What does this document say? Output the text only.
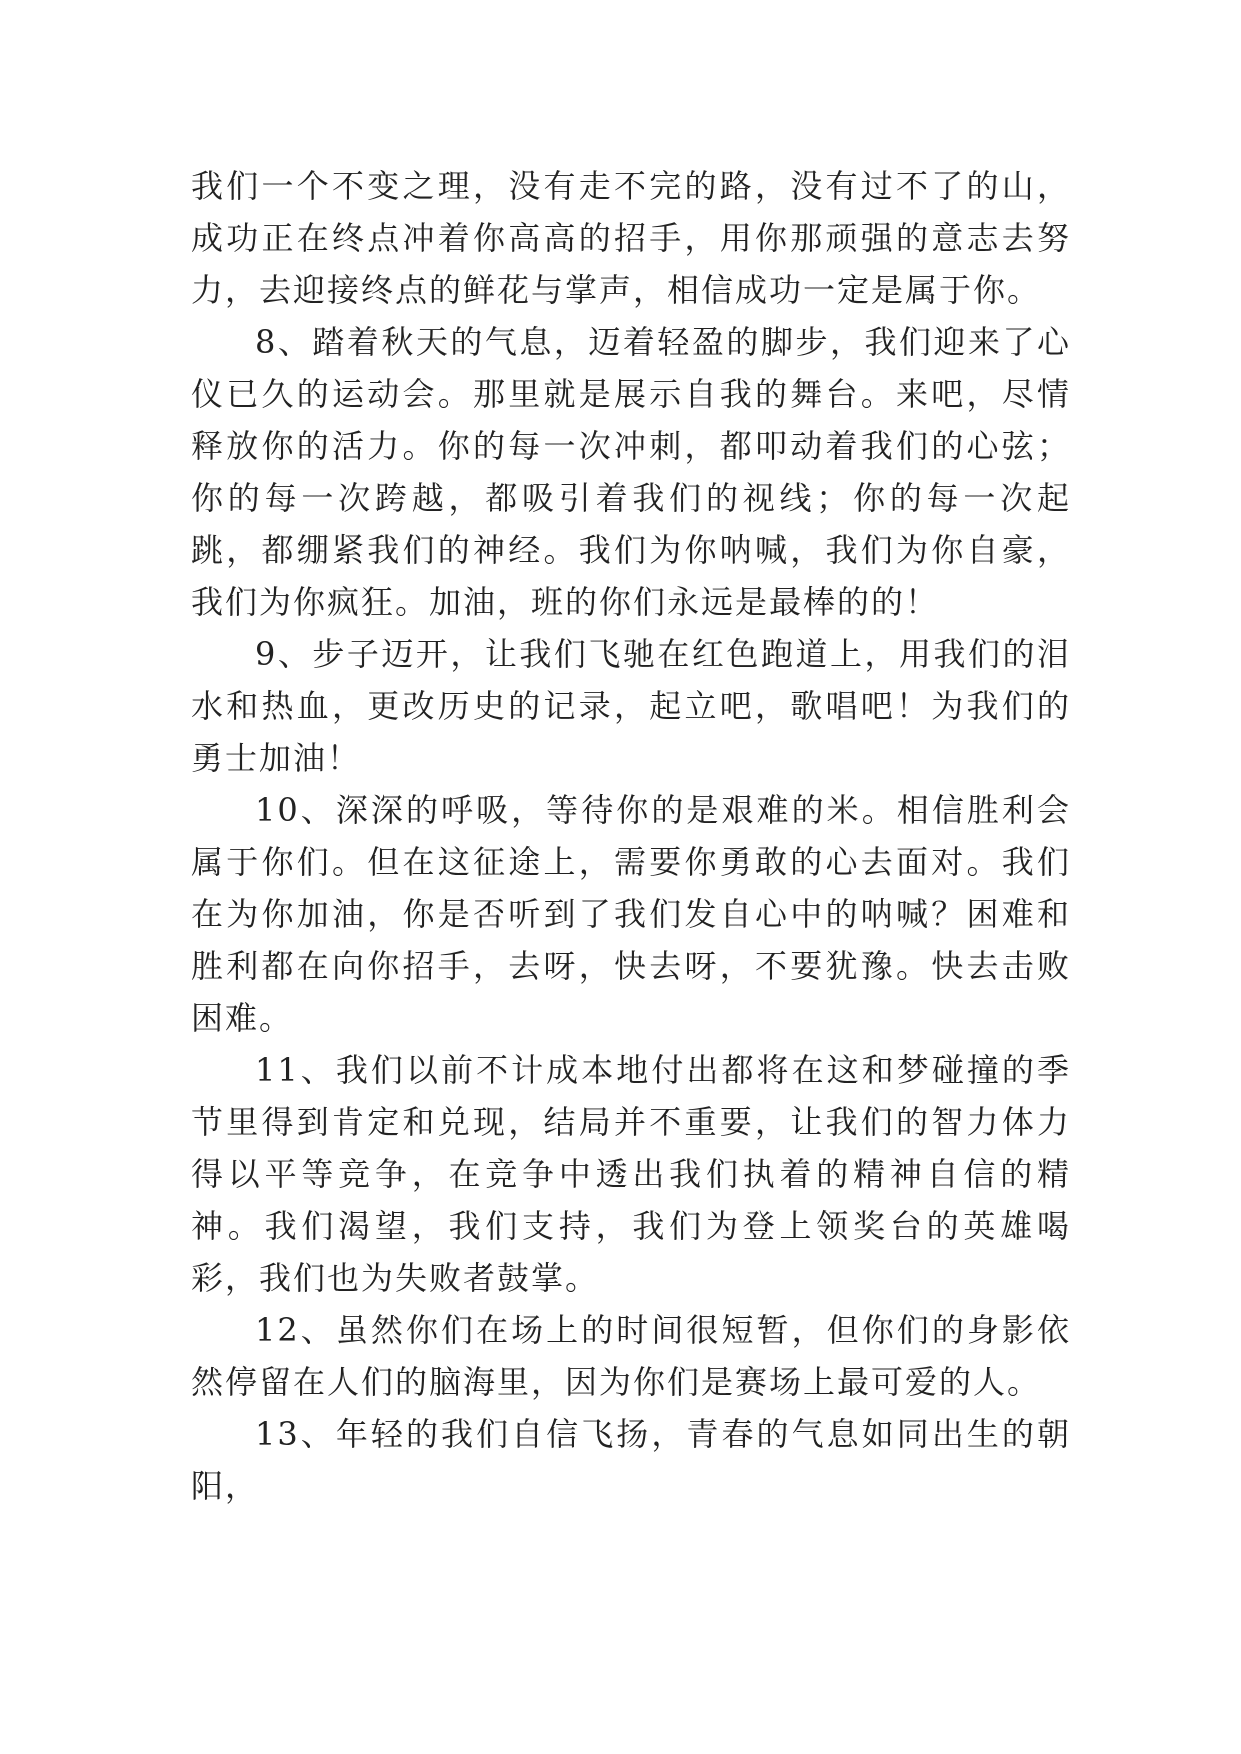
我们一个不变之理，没有走不完的路，没有过不了的山，成功正在终点冲着你高高的招手，用你那顽强的意志去努力，去迎接终点的鲜花与掌声，相信成功一定是属于你。

8、踏着秋天的气息，迈着轻盈的脚步，我们迎来了心仪已久的运动会。那里就是展示自我的舞台。来吧，尽情释放你的活力。你的每一次冲刺，都叩动着我们的心弦；你的每一次跨越，都吸引着我们的视线；你的每一次起跳，都绷紧我们的神经。我们为你呐喊，我们为你自豪，我们为你疯狂。加油，班的你们永远是最棒的的！

9、步子迈开，让我们飞驰在红色跑道上，用我们的泪水和热血，更改历史的记录，起立吧，歌唱吧！为我们的勇士加油！

10、深深的呼吸，等待你的是艰难的米。相信胜利会属于你们。但在这征途上，需要你勇敢的心去面对。我们在为你加油，你是否听到了我们发自心中的呐喊？困难和胜利都在向你招手，去呀，快去呀，不要犹豫。快去击败困难。

11、我们以前不计成本地付出都将在这和梦碰撞的季节里得到肯定和兑现，结局并不重要，让我们的智力体力得以平等竞争，在竞争中透出我们执着的精神自信的精神。我们渴望，我们支持，我们为登上领奖台的英雄喝彩，我们也为失败者鼓掌。

12、虽然你们在场上的时间很短暂，但你们的身影依然停留在人们的脑海里，因为你们是赛场上最可爱的人。

13、年轻的我们自信飞扬，青春的气息如同出生的朝阳，
